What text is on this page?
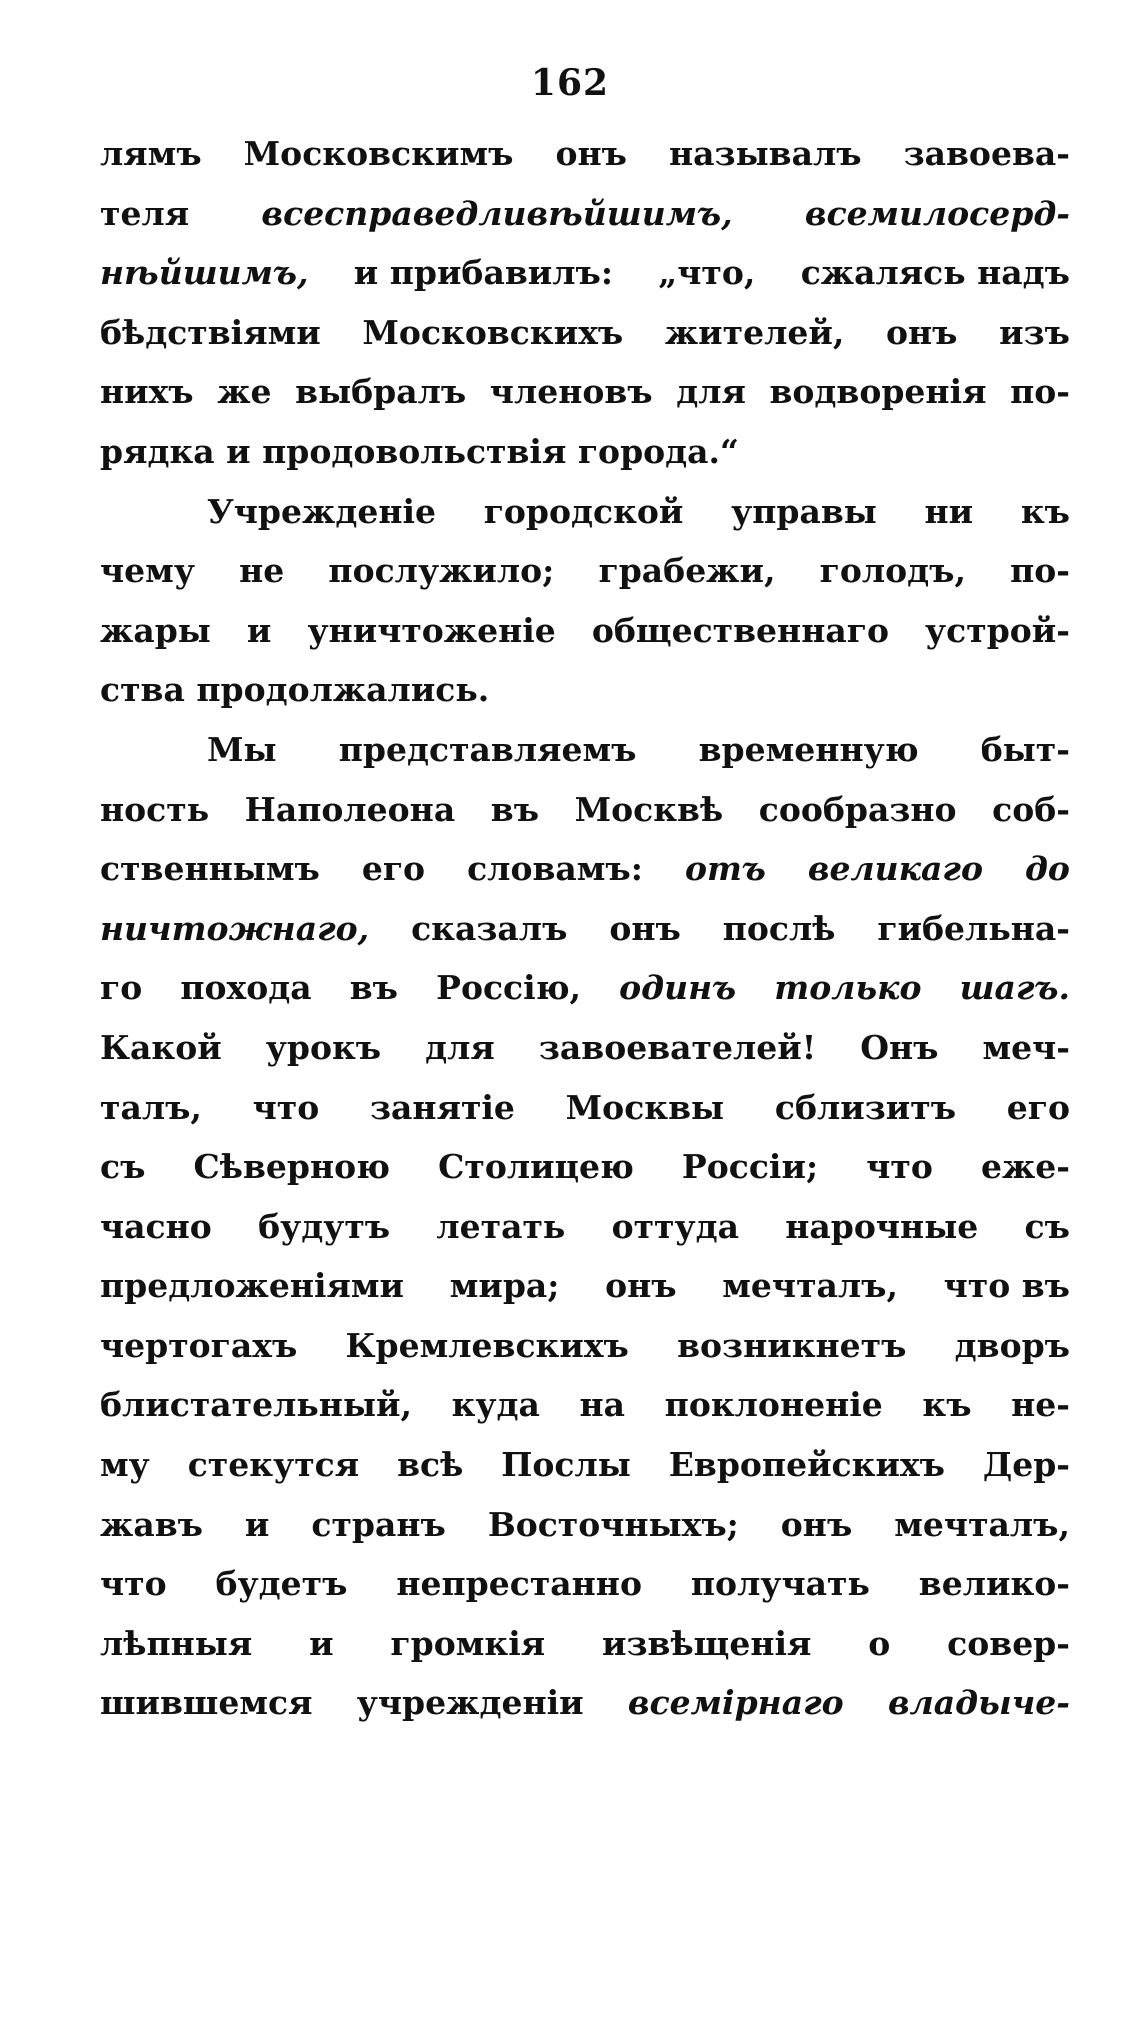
162
лямъ Московскимъ онъ называлъ завоева-
теля всесправедливѣйшимъ, всемилосерд-
нѣйшимъ, и прибавилъ: „что, сжалясь надъ
бѣдствіями Московскихъ жителей, онъ изъ
нихъ же выбралъ членовъ для водворенія по-
рядка и продовольствія города.“
Учрежденіе городской управы ни къ
чему не послужило; грабежи, голодъ, по-
жары и уничтоженіе общественнаго устрой-
ства продолжались.
Мы представляемъ временную быт-
ность Наполеона въ Москвѣ сообразно соб-
ственнымъ его словамъ: отъ великаго до
ничтожнаго, сказалъ онъ послѣ гибельна-
го похода въ Россію, одинъ только шагъ.
Какой урокъ для завоевателей! Онъ меч-
талъ, что занятіе Москвы сблизитъ его
съ Сѣверною Столицею Россіи; что еже-
часно будутъ летать оттуда нарочные съ
предложеніями мира; онъ мечталъ, что въ
чертогахъ Кремлевскихъ возникнетъ дворъ
блистательный, куда на поклоненіе къ не-
му стекутся всѣ Послы Европейскихъ Дер-
жавъ и странъ Восточныхъ; онъ мечталъ,
что будетъ непрестанно получать велико-
лѣпныя и громкія извѣщенія о совер-
шившемся учрежденіи всемірнаго владыче-
